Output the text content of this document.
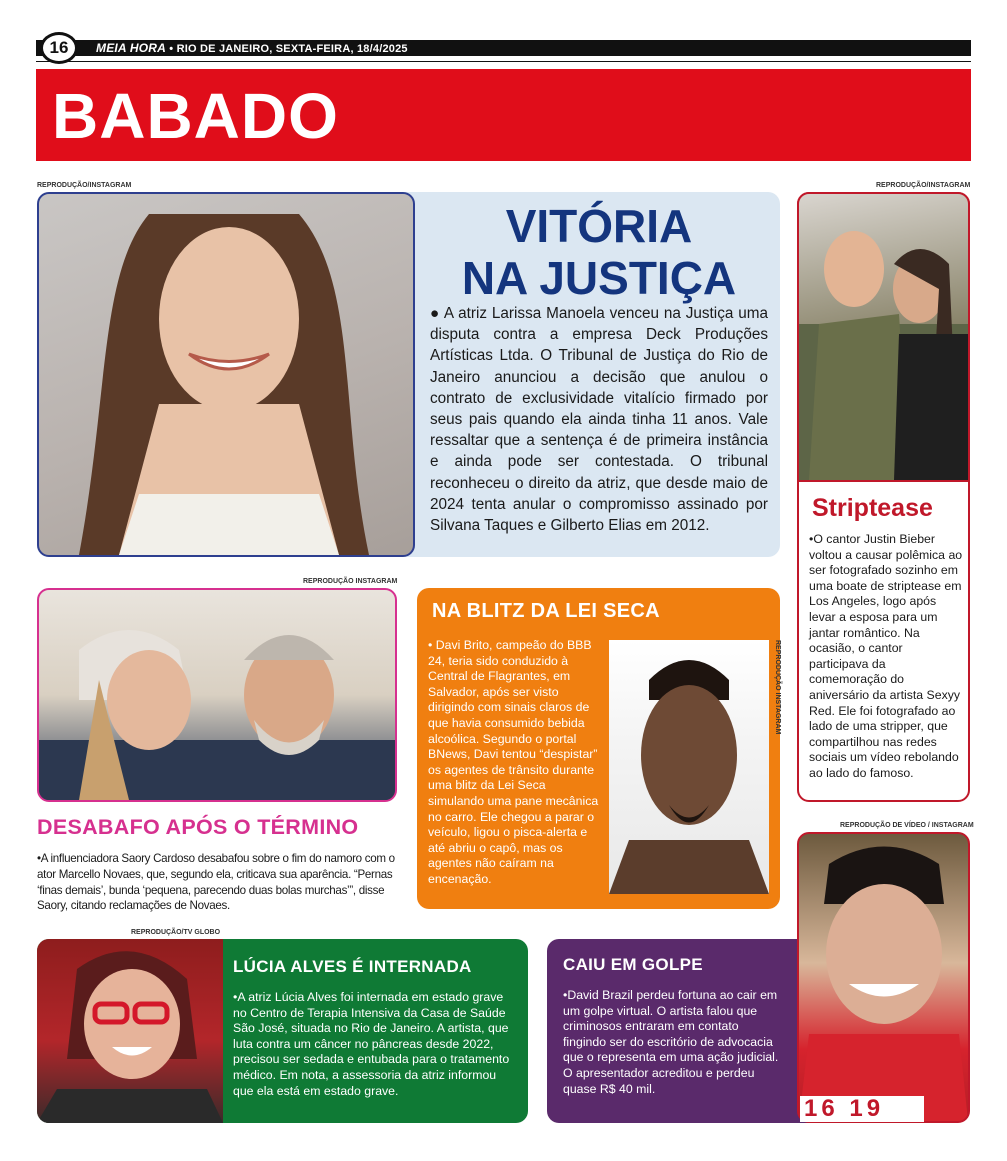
16	MEIA HORA • RIO DE JANEIRO, SEXTA-FEIRA, 18/4/2025
BABADO
REPRODUÇÃO/INSTAGRAM
VITÓRIA
NA JUSTIÇA
● A atriz Larissa Manoela venceu na Justiça uma disputa contra a empresa Deck Produções Artísticas Ltda. O Tribunal de Justiça do Rio de Janeiro anunciou a decisão que anulou o contrato de exclusividade vitalício firmado por seus pais quando ela ainda tinha 11 anos. Vale ressaltar que a sentença é de primeira instância e ainda pode ser contestada. O tribunal reconheceu o direito da atriz, que desde maio de 2024 tenta anular o compromisso assinado por Silvana Taques e Gilberto Elias em 2012.
REPRODUÇÃO/INSTAGRAM
Striptease
•O cantor Justin Bieber voltou a causar polêmica ao ser fotografado sozinho em uma boate de striptease em Los Angeles, logo após levar a esposa para um jantar romântico. Na ocasião, o cantor participava da comemoração do aniversário da artista Sexyy Red. Ele foi fotografado ao lado de uma stripper, que compartilhou nas redes sociais um vídeo rebolando ao lado do famoso.
REPRODUÇÃO INSTAGRAM
DESABAFO APÓS O TÉRMINO
•A influenciadora Saory Cardoso desabafou sobre o fim do namoro com o ator Marcello Novaes, que, segundo ela, criticava sua aparência. “Pernas ‘finas demais’, bunda ‘pequena, parecendo duas bolas murchas’”, disse Saory, citando reclamações de Novaes.
NA BLITZ DA LEI SECA
REPRODUÇÃO INSTAGRAM
• Davi Brito, campeão do BBB 24, teria sido conduzido à Central de Flagrantes, em Salvador, após ser visto dirigindo com sinais claros de que havia consumido bebida alcoólica. Segundo o portal BNews, Davi tentou “despistar” os agentes de trânsito durante uma blitz da Lei Seca simulando uma pane mecânica no carro. Ele chegou a parar o veículo, ligou o pisca-alerta e até abriu o capô, mas os agentes não caíram na encenação.
REPRODUÇÃO/TV GLOBO
LÚCIA ALVES É INTERNADA
•A atriz Lúcia Alves foi internada em estado grave no Centro de Terapia Intensiva da Casa de Saúde São José, situada no Rio de Janeiro. A artista, que luta contra um câncer no pâncreas desde 2022, precisou ser sedada e entubada para o tratamento médico. Em nota, a assessoria da atriz informou que ela está em estado grave.
CAIU EM GOLPE
•David Brazil perdeu fortuna ao cair em um golpe virtual. O artista falou que criminosos entraram em contato fingindo ser do escritório de advocacia que o representa em uma ação judicial. O apresentador acreditou e perdeu quase R$ 40 mil.
REPRODUÇÃO DE VÍDEO / INSTAGRAM
16 19
